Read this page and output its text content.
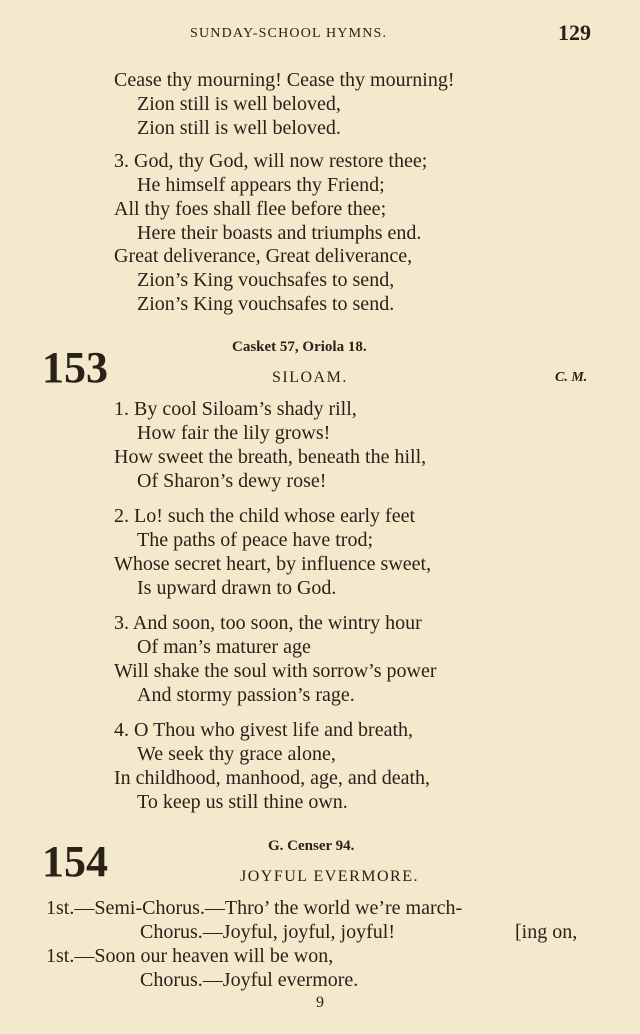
SUNDAY-SCHOOL HYMNS.	129
Cease thy mourning! Cease thy mourning!
Zion still is well beloved,
Zion still is well beloved.
3. God, thy God, will now restore thee;
He himself appears thy Friend;
All thy foes shall flee before thee;
Here their boasts and triumphs end.
Great deliverance, Great deliverance,
Zion’s King vouchsafes to send,
Zion’s King vouchsafes to send.
153	Casket 57, Oriola 18.
SILOAM.	C. M.
1. By cool Siloam’s shady rill,
How fair the lily grows!
How sweet the breath, beneath the hill,
Of Sharon’s dewy rose!
2. Lo! such the child whose early feet
The paths of peace have trod;
Whose secret heart, by influence sweet,
Is upward drawn to God.
3. And soon, too soon, the wintry hour
Of man’s maturer age
Will shake the soul with sorrow’s power
And stormy passion’s rage.
4. O Thou who givest life and breath,
We seek thy grace alone,
In childhood, manhood, age, and death,
To keep us still thine own.
154	G. Censer 94.
JOYFUL EVERMORE.
1st.—Semi-Chorus.—Thro’ the world we’re march-
Chorus.—Joyful, joyful, joyful!	[ing on,
1st.—Soon our heaven will be won,
Chorus.—Joyful evermore.
9
